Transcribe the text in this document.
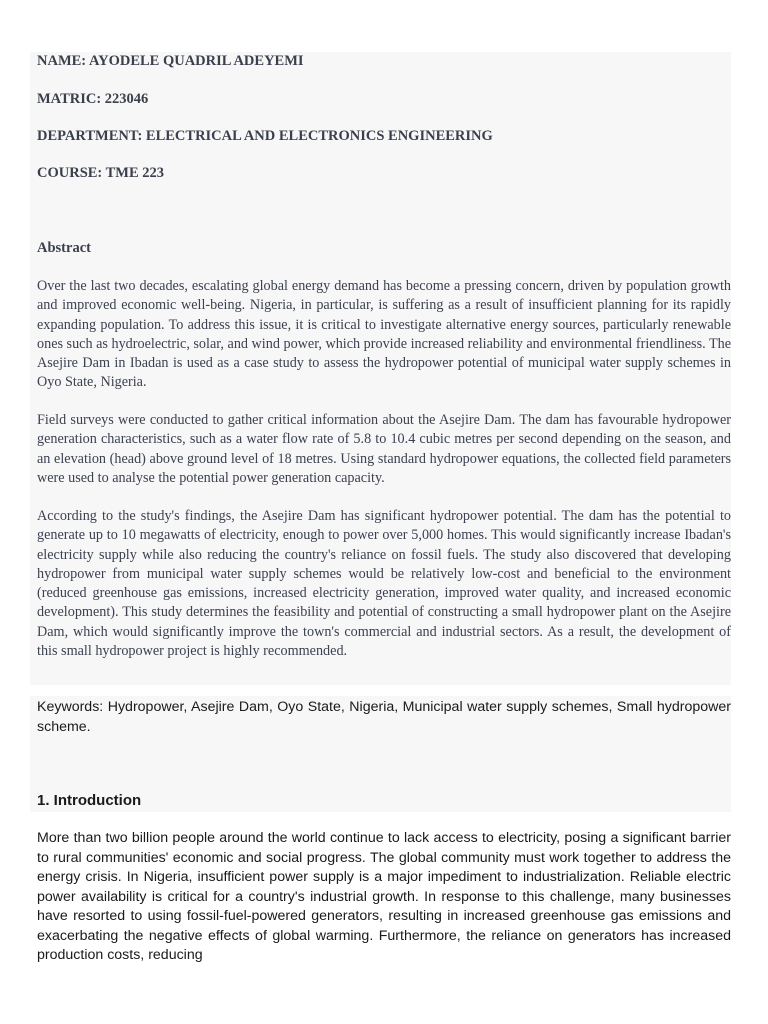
NAME: AYODELE QUADRIL ADEYEMI

MATRIC: 223046

DEPARTMENT: ELECTRICAL AND ELECTRONICS ENGINEERING

COURSE: TME 223

Abstract

Over the last two decades, escalating global energy demand has become a pressing concern, driven by population growth and improved economic well-being. Nigeria, in particular, is suffering as a result of insufficient planning for its rapidly expanding population. To address this issue, it is critical to investigate alternative energy sources, particularly renewable ones such as hydroelectric, solar, and wind power, which provide increased reliability and environmental friendliness. The Asejire Dam in Ibadan is used as a case study to assess the hydropower potential of municipal water supply schemes in Oyo State, Nigeria.

Field surveys were conducted to gather critical information about the Asejire Dam. The dam has favourable hydropower generation characteristics, such as a water flow rate of 5.8 to 10.4 cubic metres per second depending on the season, and an elevation (head) above ground level of 18 metres. Using standard hydropower equations, the collected field parameters were used to analyse the potential power generation capacity.

According to the study's findings, the Asejire Dam has significant hydropower potential. The dam has the potential to generate up to 10 megawatts of electricity, enough to power over 5,000 homes. This would significantly increase Ibadan's electricity supply while also reducing the country's reliance on fossil fuels. The study also discovered that developing hydropower from municipal water supply schemes would be relatively low-cost and beneficial to the environment (reduced greenhouse gas emissions, increased electricity generation, improved water quality, and increased economic development). This study determines the feasibility and potential of constructing a small hydropower plant on the Asejire Dam, which would significantly improve the town's commercial and industrial sectors. As a result, the development of this small hydropower project is highly recommended.

Keywords: Hydropower, Asejire Dam, Oyo State, Nigeria, Municipal water supply schemes, Small hydropower scheme.

1. Introduction

More than two billion people around the world continue to lack access to electricity, posing a significant barrier to rural communities' economic and social progress. The global community must work together to address the energy crisis. In Nigeria, insufficient power supply is a major impediment to industrialization. Reliable electric power availability is critical for a country's industrial growth. In response to this challenge, many businesses have resorted to using fossil-fuel-powered generators, resulting in increased greenhouse gas emissions and exacerbating the negative effects of global warming. Furthermore, the reliance on generators has increased production costs, reducing
